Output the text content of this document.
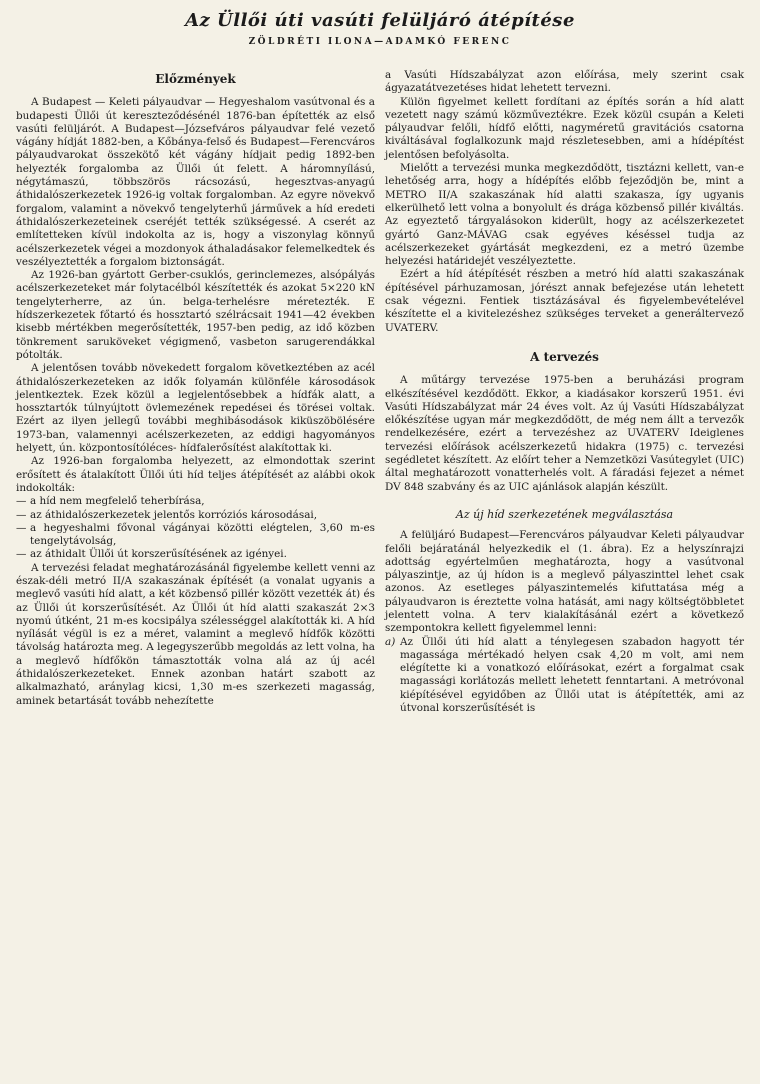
Az Üllői úti vasúti felüljáró átépítése
ZÖLDRÉTI ILONA—ADAMKÓ FERENC
Előzmények

A Budapest — Keleti pályaudvar — Hegyeshalom vasútvonal és a budapesti Üllői út kereszteződésénél 1876-ban építették az első vasúti felüljárót. A Budapest—Józsefváros pályaudvar felé vezető vágány hídját 1882-ben, a Kőbánya-felső és Budapest—Ferencváros pályaudvarokat összekötő két vágány hídjait pedig 1892-ben helyezték forgalomba az Üllői út felett. A háromnyílású, négytámaszú, többszörös rácsozású, hegesztvas-anyagú áthidalószerkezetek 1926-ig voltak forgalomban. Az egyre növekvő forgalom, valamint a növekvő tengelyterhű járművek a híd eredeti áthidalószerkezeteinek cseréjét tették szükségessé. A cserét az említetteken kívül indokolta az is, hogy a viszonylag könnyű acélszerkezetek végei a mozdonyok áthaladásakor felemelkedtek és veszélyeztették a forgalom biztonságát.

Az 1926-ban gyártott Gerber-csuklós, gerinclemezes, alsópályás acélszerkezeteket már folytacélból készítették és azokat 5×220 kN tengelyterherre, az ún. belga-terhelésre méretezték. E hídszerkezetek főtartó és hossztartó szélrácsait 1941—42 években kisebb mértékben megerősítették, 1957-ben pedig, az idő közben tönkrement saruköveket végigmenő, vasbeton sarugerendákkal pótolták.

A jelentősen tovább növekedett forgalom következtében az acél áthidalószerkezeteken az idők folyamán különféle károsodások jelentkeztek. Ezek közül a legjelentősebbek a hídfák alatt, a hossztartók túlnyújtott övlemezének repedései és törései voltak. Ezért az ilyen jellegű további meghibásodások kiküszöbölésére 1973-ban, valamennyi acélszerkezeten, az eddigi hagyományos helyett, ún. központosítóléces- hídfalerősítést alakítottak ki.

Az 1926-ban forgalomba helyezett, az elmondottak szerint erősített és átalakított Üllői úti híd teljes átépítését az alábbi okok indokolták:

— a híd nem megfelelő teherbírása,
— az áthidalószerkezetek jelentős korróziós károsodásai,
— a hegyeshalmi fővonal vágányai közötti elégtelen, 3,60 m-es tengelytávolság,
— az áthidalt Üllői út korszerűsítésének az igényei.

A tervezési feladat meghatározásánál figyelembe kellett venni az észak-déli metró II/A szakaszának építését (a vonalat ugyanis a meglevő vasúti híd alatt, a két közbenső pillér között vezették át) és az Üllői út korszerűsítését. Az Üllői út híd alatti szakaszát 2×3 nyomú útként, 21 m-es kocsipálya szélességgel alakították ki. A híd nyílását végül is ez a méret, valamint a meglevő hídfők közötti távolság határozta meg. A legegyszerűbb megoldás az lett volna, ha a meglevő hídfőkön támasztották volna alá az új acél áthidalószerkezeteket. Ennek azonban határt szabott az alkalmazható, aránylag kicsi, 1,30 m-es szerkezeti magasság, aminek betartását tovább nehezítette

a Vasúti Hídszabályzat azon előírása, mely szerint csak ágyazatátvezetéses hidat lehetett tervezni.

Külön figyelmet kellett fordítani az építés során a híd alatt vezetett nagy számú közműveztékre. Ezek közül csupán a Keleti pályaudvar felőli, hídfő előtti, nagyméretű gravitációs csatorna kiváltásával foglalkozunk majd részletesebben, ami a hídépítést jelentősen befolyásolta.

Mielőtt a tervezési munka megkezdődött, tisztázni kellett, van-e lehetőség arra, hogy a hídépítés előbb fejeződjön be, mint a METRO II/A szakaszának híd alatti szakasza, így ugyanis elkerülhető lett volna a bonyolult és drága közbenső pillér kiváltás. Az egyeztető tárgyalásokon kiderült, hogy az acélszerkezetet gyártó Ganz-MÁVAG csak egyéves késéssel tudja az acélszerkezeket gyártását megkezdeni, ez a metró üzembe helyezési határidejét veszélyeztette.

Ezért a híd átépítését részben a metró híd alatti szakaszának építésével párhuzamosan, jórészt annak befejezése után lehetett csak végezni. Fentiek tisztázásával és figyelembevételével készítette el a kivitelezéshez szükséges terveket a generáltervező UVATERV.

A tervezés

A műtárgy tervezése 1975-ben a beruházási program elkészítésével kezdődött. Ekkor, a kiadásakor korszerű 1951. évi Vasúti Hídszabályzat már 24 éves volt. Az új Vasúti Hídszabályzat előkészítése ugyan már megkezdődött, de még nem állt a tervezők rendelkezésére, ezért a tervezéshez az UVATERV Ideiglenes tervezési előírások acélszerkezetű hidakra (1975) c. tervezési segédletet készített. Az előírt teher a Nemzetközi Vasútegylet (UIC) által meghatározott vonatterhelés volt. A fáradási fejezet a német DV 848 szabvány és az UIC ajánlások alapján készült.

Az új híd szerkezetének megválasztása

A felüljáró Budapest—Ferencváros pályaudvar Keleti pályaudvar felőli bejáratánál helyezkedik el (1. ábra). Ez a helyszínrajzi adottság egyértelműen meghatározta, hogy a vasútvonal pályaszintje, az új hídon is a meglevő pályaszinttel lehet csak azonos. Az esetleges pályaszintemelés kifuttatása még a pályaudvaron is éreztette volna hatását, ami nagy költségtöbbletet jelentett volna. A terv kialakításánál ezért a következő szempontokra kellett figyelemmel lenni:

a) Az Üllői úti híd alatt a ténylegesen szabadon hagyott tér magassága mértékadó helyen csak 4,20 m volt, ami nem elégítette ki a vonatkozó előírásokat, ezért a forgalmat csak magassági korlátozás mellett lehetett fenntartani. A metróvonal kiépítésével egyidőben az Üllői utat is átépítették, ami az útvonal korszerűsítését is
